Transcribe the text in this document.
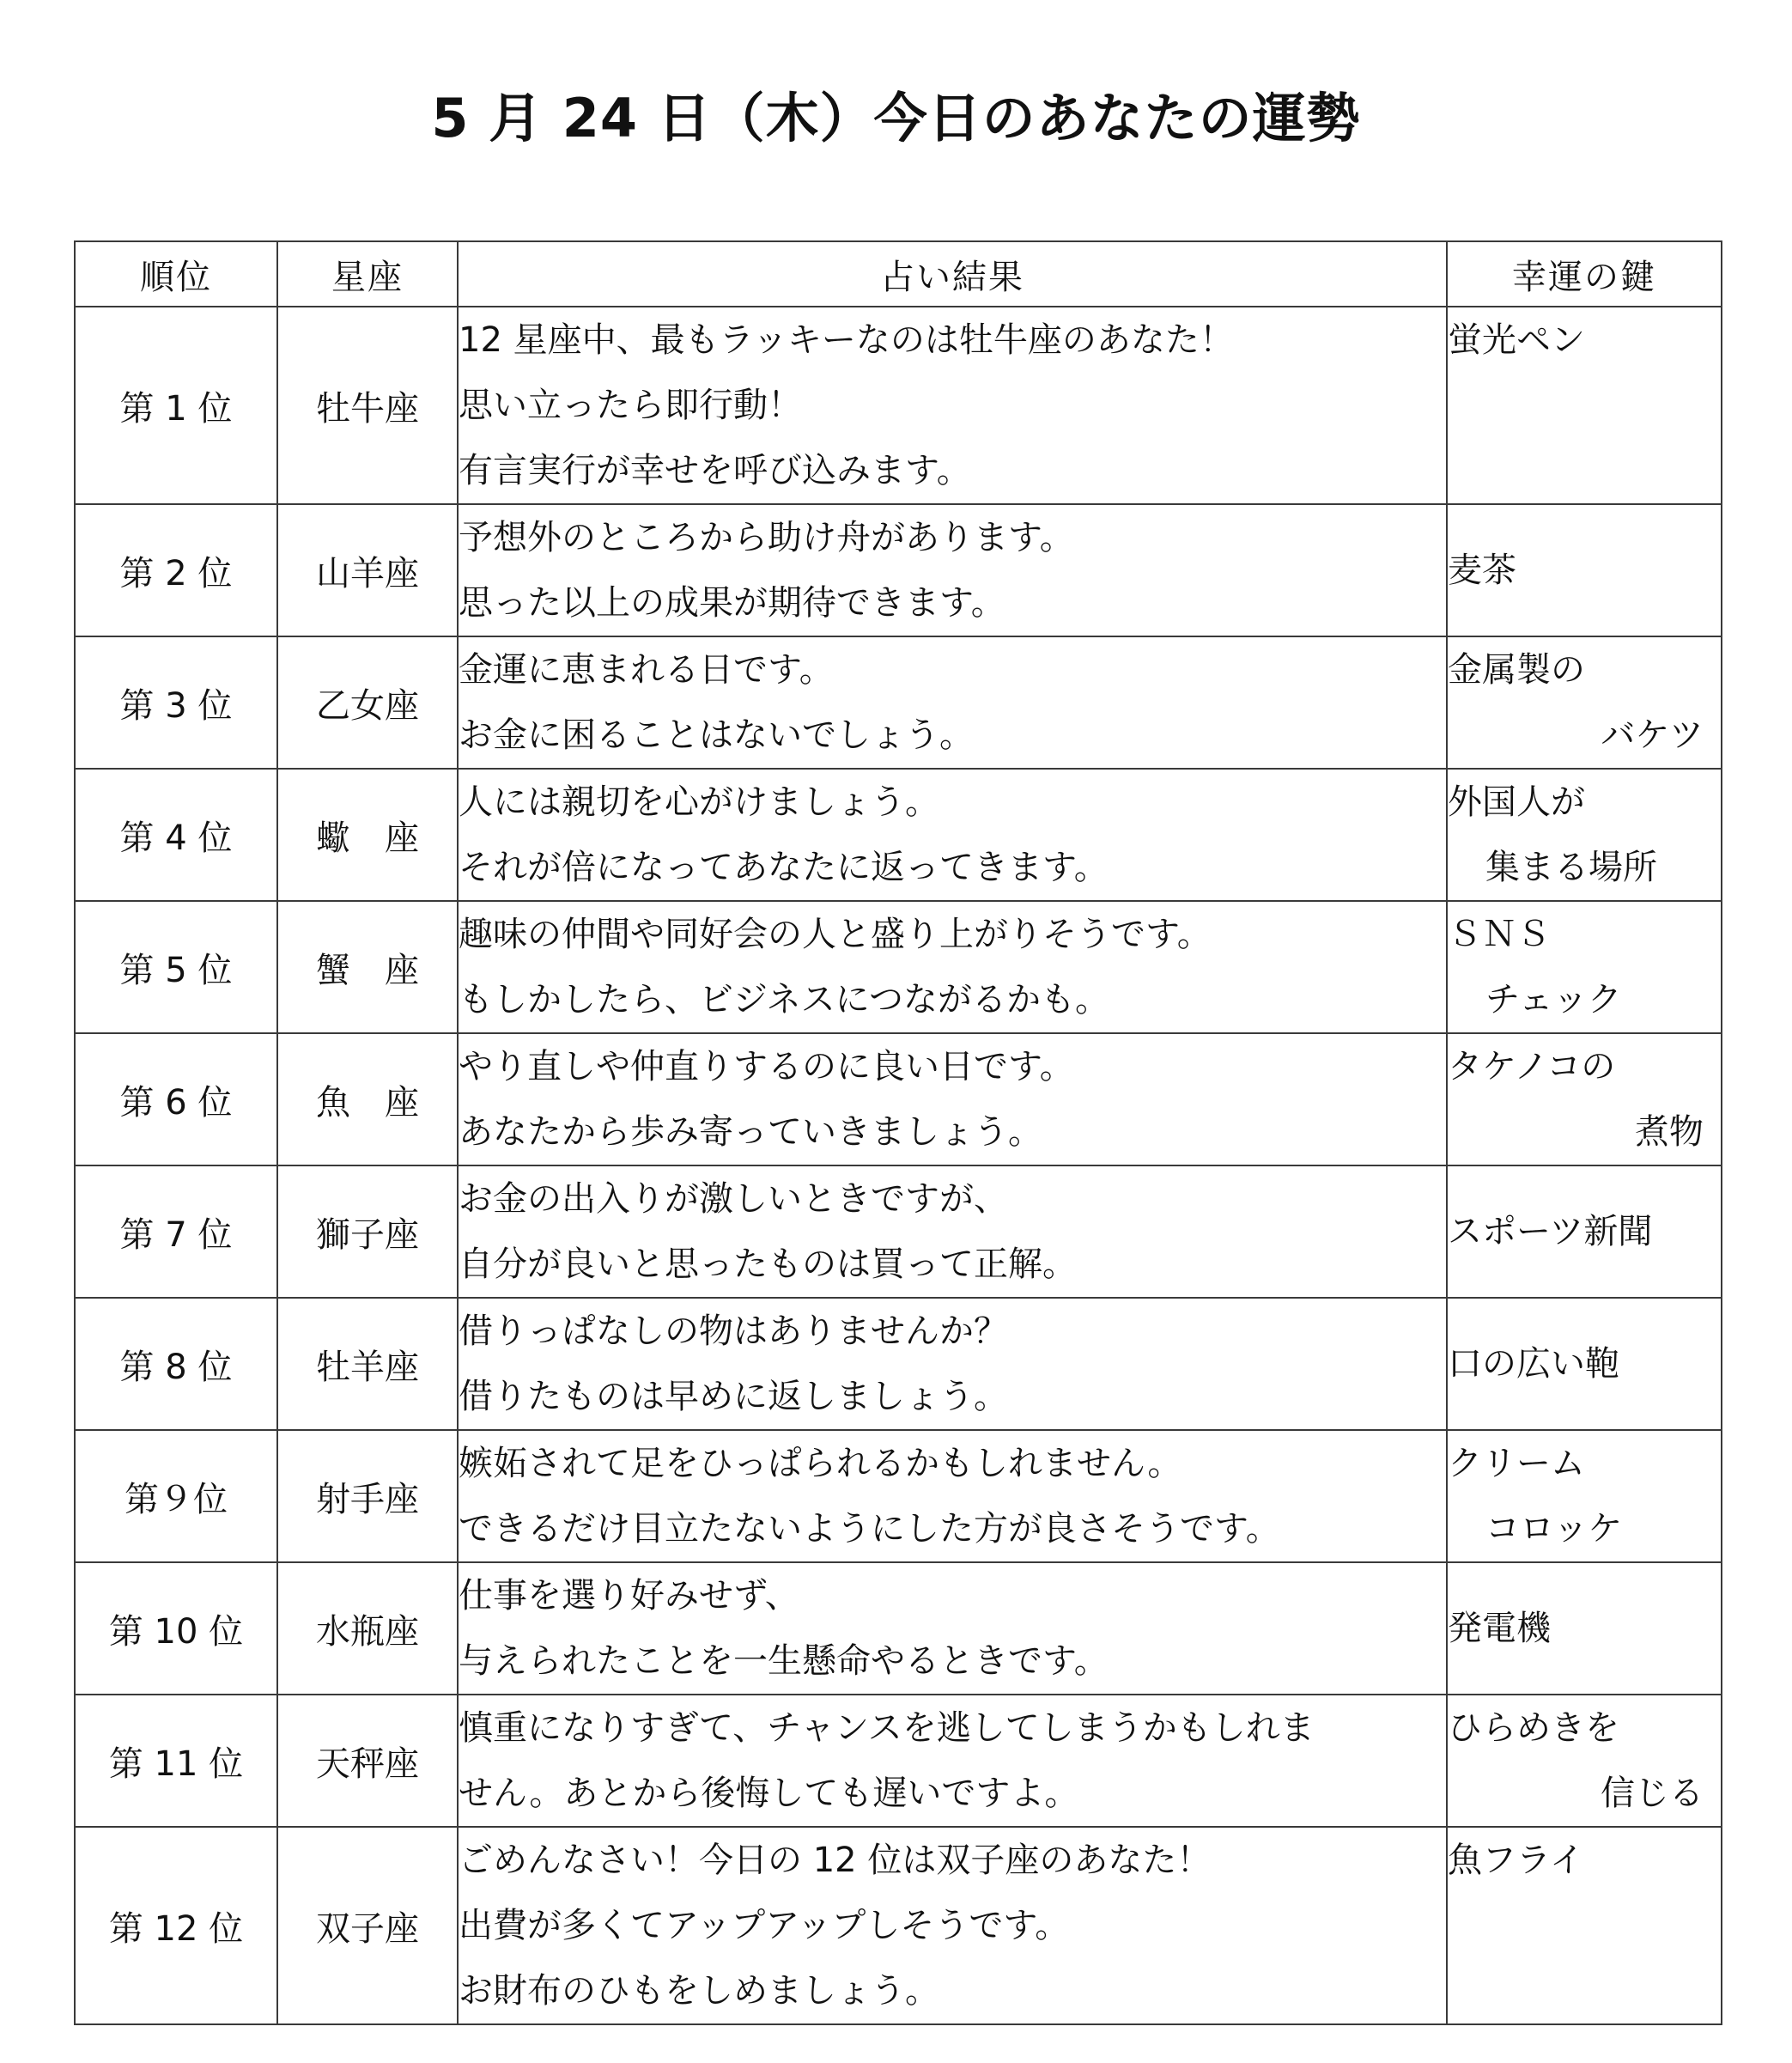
5 月 24 日（木）今日のあなたの運勢
順位	星座	占い結果	幸運の鍵
第 1 位	牡牛座	12 星座中、最もラッキーなのは牡牛座のあなた！
思い立ったら即行動！
有言実行が幸せを呼び込みます。	蛍光ペン

第 2 位	山羊座	予想外のところから助け舟があります。
思った以上の成果が期待できます。	麦茶

第 3 位	乙女座	金運に恵まれる日です。
お金に困ることはないでしょう。	金属製の
バケツ

第 4 位	蠍　座	人には親切を心がけましょう。
それが倍になってあなたに返ってきます。	外国人が
集まる場所

第 5 位	蟹　座	趣味の仲間や同好会の人と盛り上がりそうです。
もしかしたら、ビジネスにつながるかも。	ＳＮＳ
チェック

第 6 位	魚　座	やり直しや仲直りするのに良い日です。
あなたから歩み寄っていきましょう。	タケノコの
煮物

第 7 位	獅子座	お金の出入りが激しいときですが、
自分が良いと思ったものは買って正解。	スポーツ新聞

第 8 位	牡羊座	借りっぱなしの物はありませんか？
借りたものは早めに返しましょう。	口の広い鞄

第９位	射手座	嫉妬されて足をひっぱられるかもしれません。
できるだけ目立たないようにした方が良さそうです。	クリーム
コロッケ

第 10 位	水瓶座	仕事を選り好みせず、
与えられたことを一生懸命やるときです。	発電機

第 11 位	天秤座	慎重になりすぎて、チャンスを逃してしまうかもしれま
せん。あとから後悔しても遅いですよ。	ひらめきを
信じる

第 12 位	双子座	ごめんなさい！今日の 12 位は双子座のあなた！
出費が多くてアップアップしそうです。
お財布のひもをしめましょう。	魚フライ
